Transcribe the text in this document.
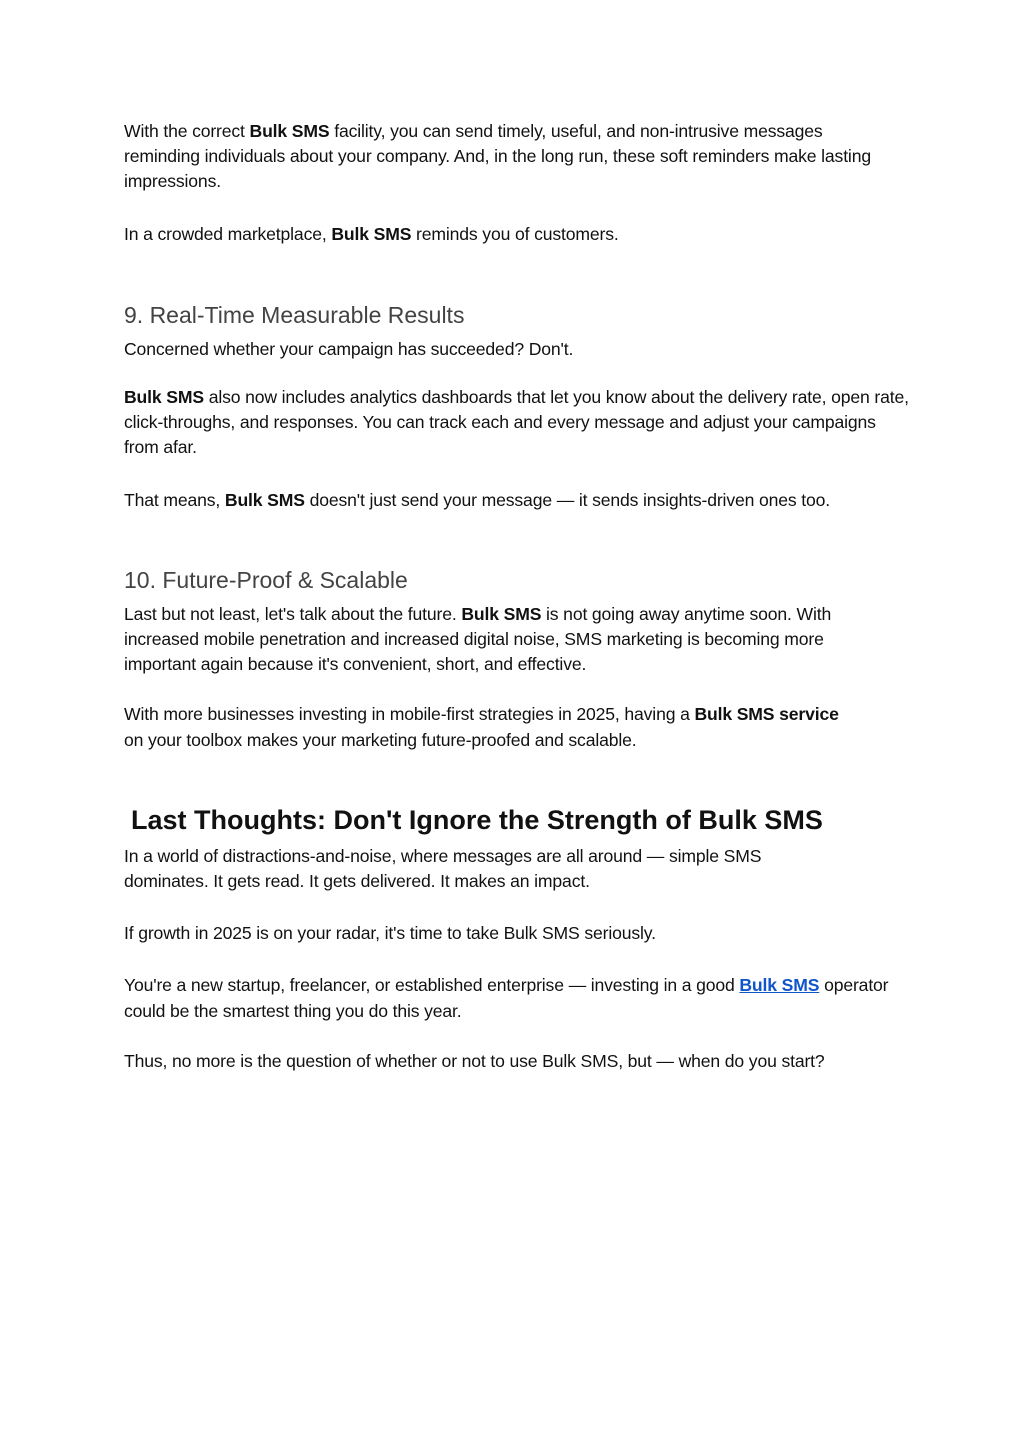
With the correct Bulk SMS facility, you can send timely, useful, and non-intrusive messages reminding individuals about your company. And, in the long run, these soft reminders make lasting impressions.

In a crowded marketplace, Bulk SMS reminds you of customers.

9. Real-Time Measurable Results

Concerned whether your campaign has succeeded? Don't.

Bulk SMS also now includes analytics dashboards that let you know about the delivery rate, open rate, click-throughs, and responses. You can track each and every message and adjust your campaigns from afar.

That means, Bulk SMS doesn't just send your message — it sends insights-driven ones too.

10. Future-Proof & Scalable

Last but not least, let's talk about the future. Bulk SMS is not going away anytime soon. With increased mobile penetration and increased digital noise, SMS marketing is becoming more important again because it's convenient, short, and effective.

With more businesses investing in mobile-first strategies in 2025, having a Bulk SMS service on your toolbox makes your marketing future-proofed and scalable.

Last Thoughts: Don't Ignore the Strength of Bulk SMS

In a world of distractions-and-noise, where messages are all around — simple SMS dominates. It gets read. It gets delivered. It makes an impact.

If growth in 2025 is on your radar, it's time to take Bulk SMS seriously.

You're a new startup, freelancer, or established enterprise — investing in a good Bulk SMS operator could be the smartest thing you do this year.

Thus, no more is the question of whether or not to use Bulk SMS, but — when do you start?
